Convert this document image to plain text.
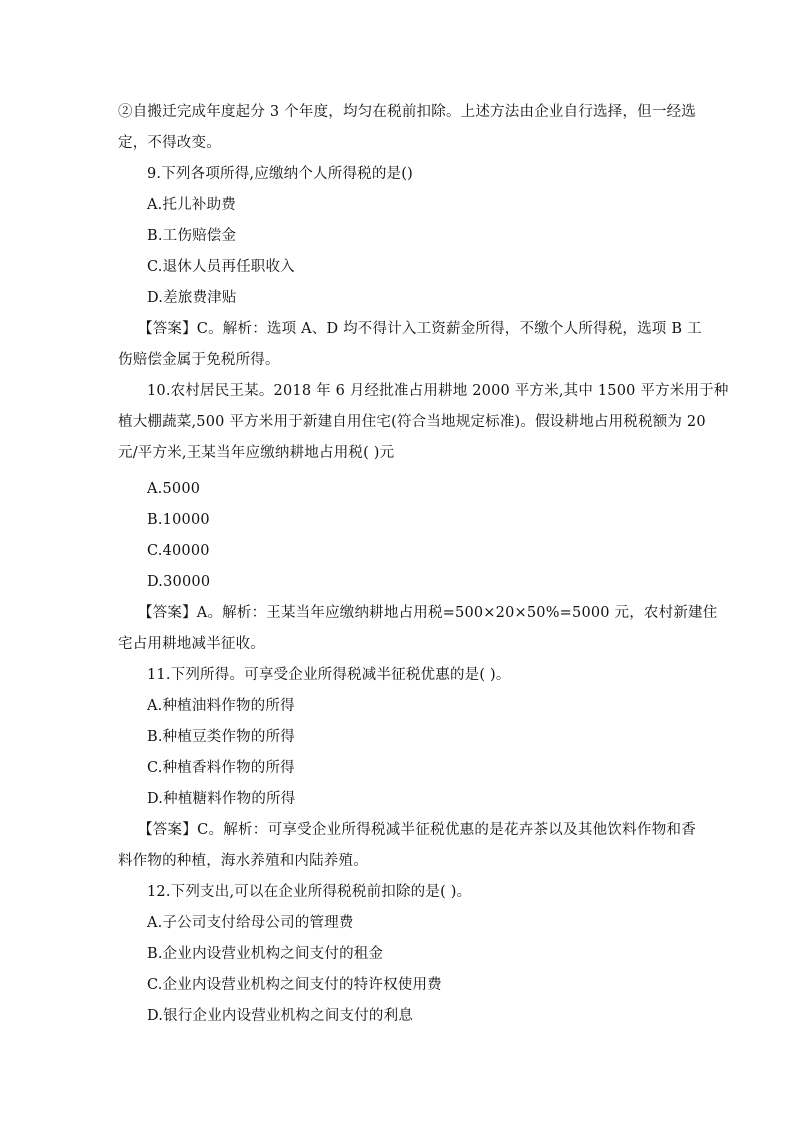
②自搬迁完成年度起分 3 个年度，均匀在税前扣除。上述方法由企业自行选择，但一经选
定，不得改变。
9.下列各项所得,应缴纳个人所得税的是()
A.托儿补助费
B.工伤赔偿金
C.退休人员再任职收入
D.差旅费津贴
【答案】C。解析：选项 A、D 均不得计入工资薪金所得，不缴个人所得税，选项 B 工
伤赔偿金属于免税所得。
10.农村居民王某。2018 年 6 月经批准占用耕地 2000 平方米,其中 1500 平方米用于种
植大棚蔬菜,500 平方米用于新建自用住宅(符合当地规定标准)。假设耕地占用税税额为 20
元/平方米,王某当年应缴纳耕地占用税( )元
A.5000
B.10000
C.40000
D.30000
【答案】A。解析：王某当年应缴纳耕地占用税=500×20×50%=5000 元，农村新建住
宅占用耕地减半征收。
11.下列所得。可享受企业所得税减半征税优惠的是( )。
A.种植油料作物的所得
B.种植豆类作物的所得
C.种植香料作物的所得
D.种植糖料作物的所得
【答案】C。解析：可享受企业所得税减半征税优惠的是花卉茶以及其他饮料作物和香
料作物的种植，海水养殖和内陆养殖。
12.下列支出,可以在企业所得税税前扣除的是( )。
A.子公司支付给母公司的管理费
B.企业内设营业机构之间支付的租金
C.企业内设营业机构之间支付的特许权使用费
D.银行企业内设营业机构之间支付的利息
